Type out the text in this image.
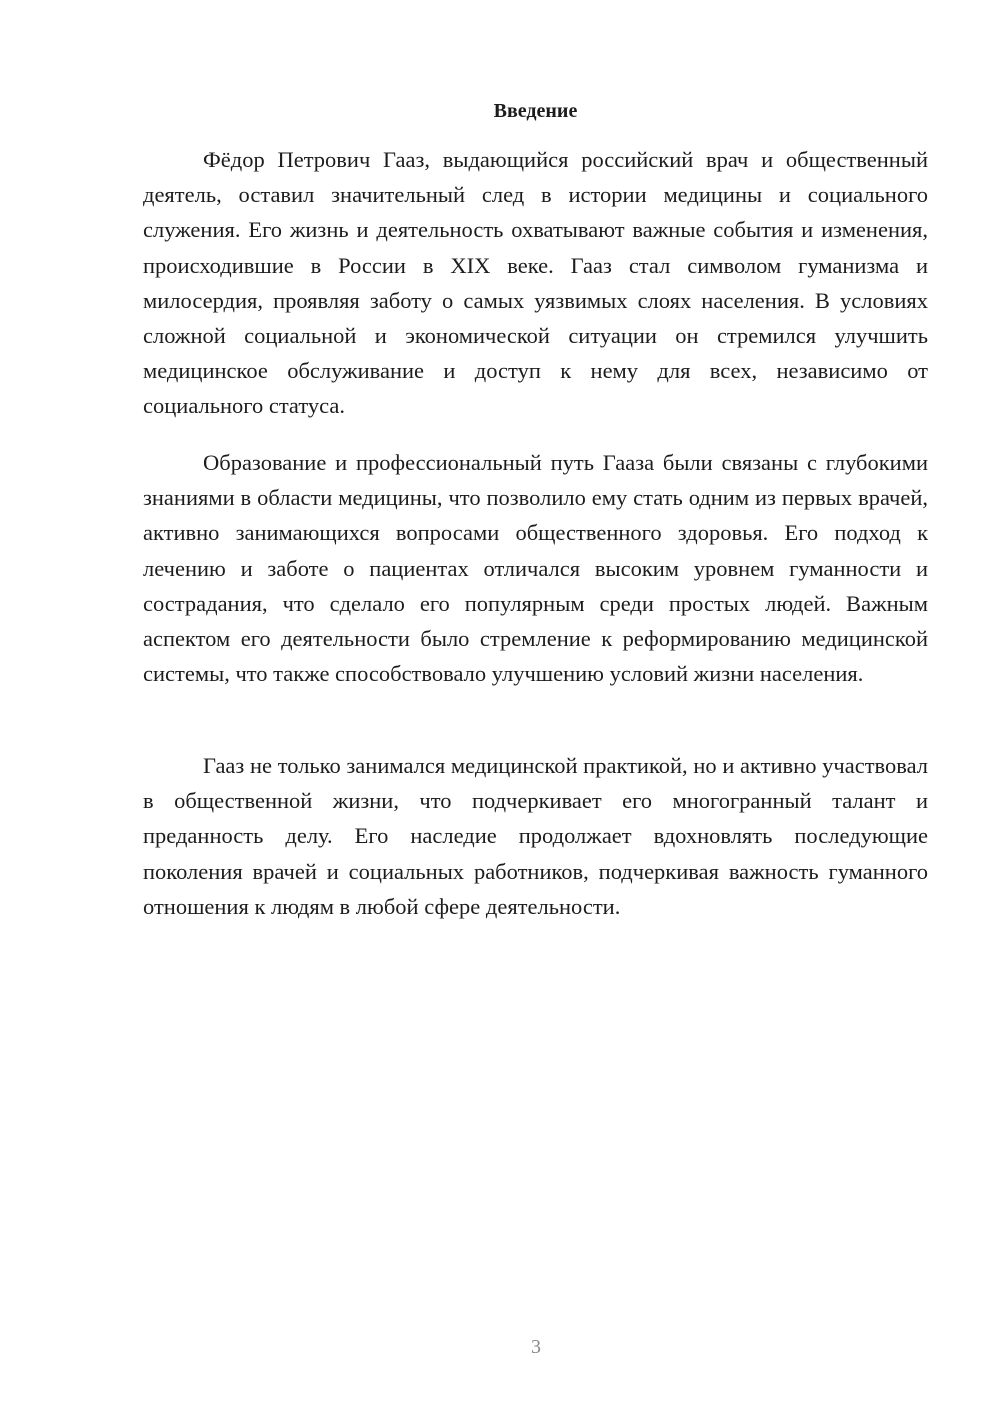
Введение

Фёдор Петрович Гааз, выдающийся российский врач и общественный деятель, оставил значительный след в истории медицины и социального служения. Его жизнь и деятельность охватывают важные события и изменения, происходившие в России в XIX веке. Гааз стал символом гуманизма и милосердия, проявляя заботу о самых уязвимых слоях населения. В условиях сложной социальной и экономической ситуации он стремился улучшить медицинское обслуживание и доступ к нему для всех, независимо от социального статуса.

Образование и профессиональный путь Гааза были связаны с глубокими знаниями в области медицины, что позволило ему стать одним из первых врачей, активно занимающихся вопросами общественного здоровья. Его подход к лечению и заботе о пациентах отличался высоким уровнем гуманности и сострадания, что сделало его популярным среди простых людей. Важным аспектом его деятельности было стремление к реформированию медицинской системы, что также способствовало улучшению условий жизни населения.

Гааз не только занимался медицинской практикой, но и активно участвовал в общественной жизни, что подчеркивает его многогранный талант и преданность делу. Его наследие продолжает вдохновлять последующие поколения врачей и социальных работников, подчеркивая важность гуманного отношения к людям в любой сфере деятельности.

3
